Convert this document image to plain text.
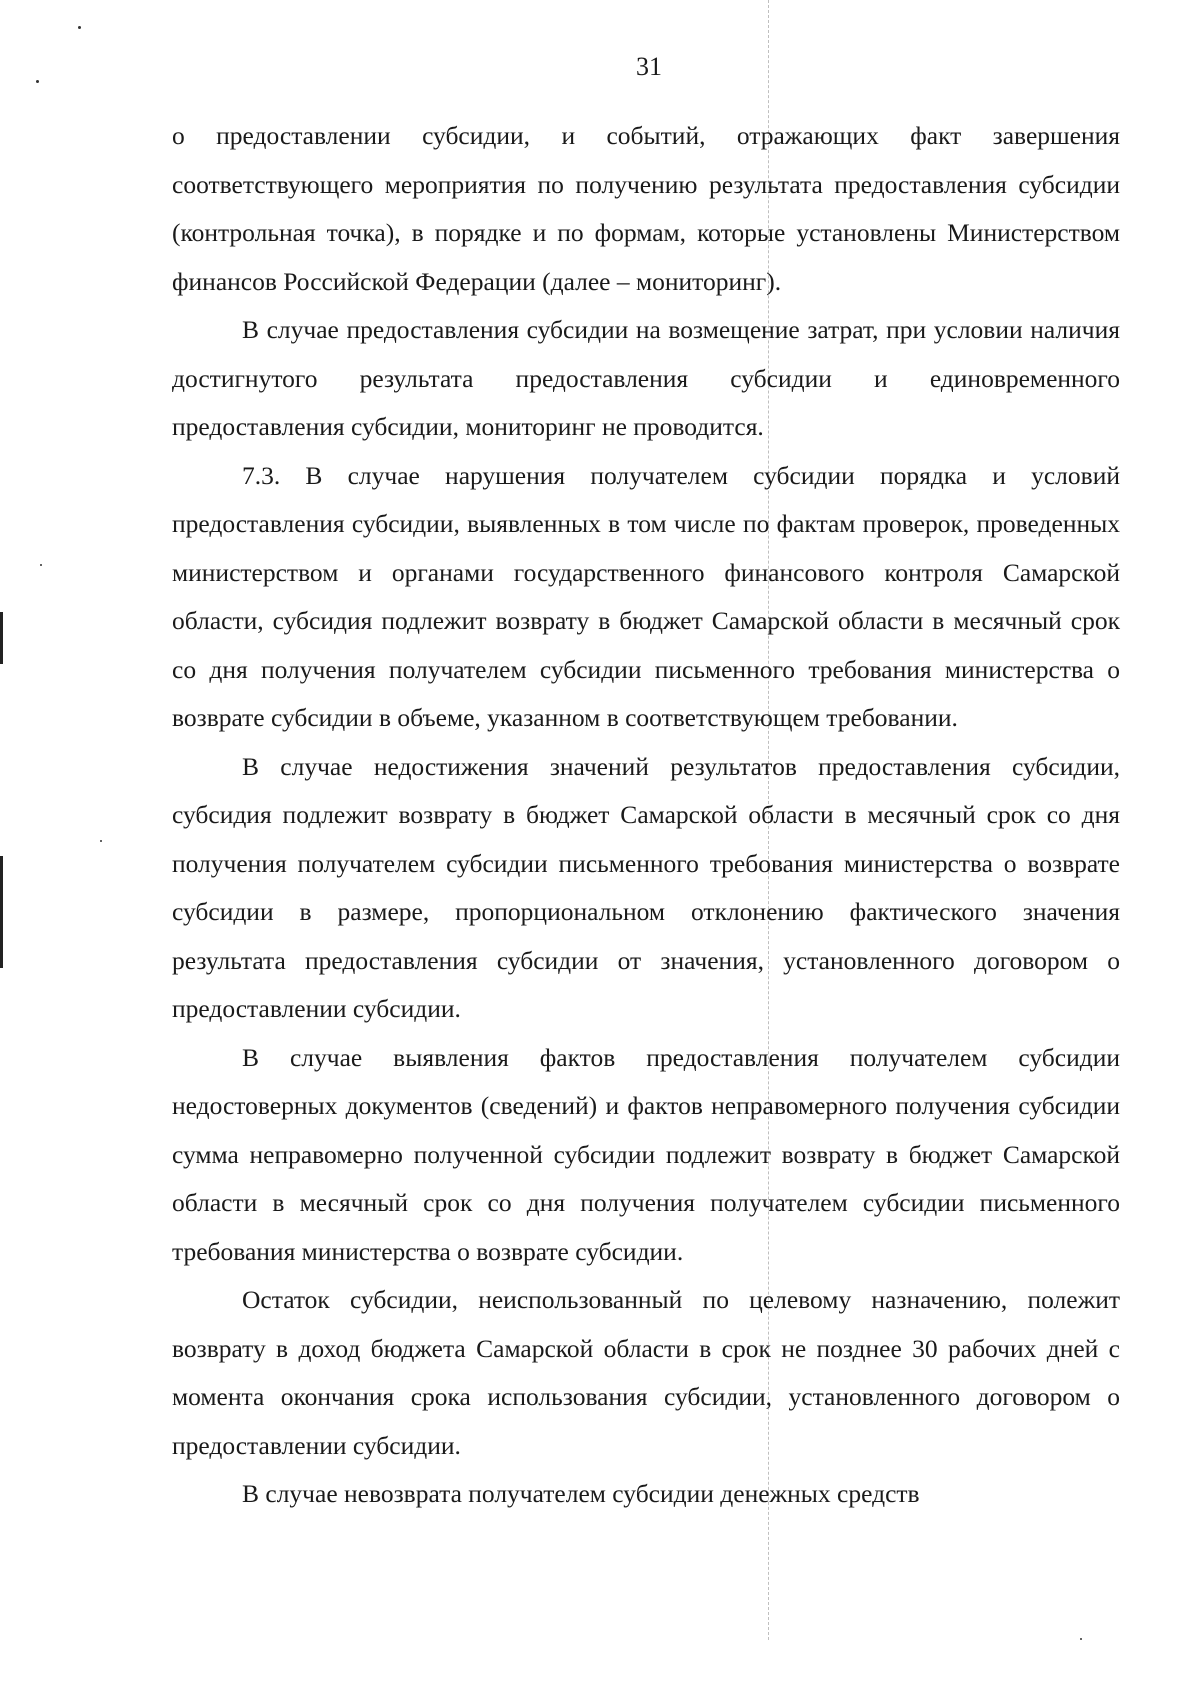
31

о предоставлении субсидии, и событий, отражающих факт завершения соответствующего мероприятия по получению результата предоставления субсидии (контрольная точка), в порядке и по формам, которые установлены Министерством финансов Российской Федерации (далее – мониторинг).

В случае предоставления субсидии на возмещение затрат, при условии наличия достигнутого результата предоставления субсидии и единовременного предоставления субсидии, мониторинг не проводится.

7.3. В случае нарушения получателем субсидии порядка и условий предоставления субсидии, выявленных в том числе по фактам проверок, проведенных министерством и органами государственного финансового контроля Самарской области, субсидия подлежит возврату в бюджет Самарской области в месячный срок со дня получения получателем субсидии письменного требования министерства о возврате субсидии в объеме, указанном в соответствующем требовании.

В случае недостижения значений результатов предоставления субсидии, субсидия подлежит возврату в бюджет Самарской области в месячный срок со дня получения получателем субсидии письменного требования министерства о возврате субсидии в размере, пропорциональном отклонению фактического значения результата предоставления субсидии от значения, установленного договором о предоставлении субсидии.

В случае выявления фактов предоставления получателем субсидии недостоверных документов (сведений) и фактов неправомерного получения субсидии сумма неправомерно полученной субсидии подлежит возврату в бюджет Самарской области в месячный срок со дня получения получателем субсидии письменного требования министерства о возврате субсидии.

Остаток субсидии, неиспользованный по целевому назначению, полежит возврату в доход бюджета Самарской области в срок не позднее 30 рабочих дней с момента окончания срока использования субсидии, установленного договором о предоставлении субсидии.

В случае невозврата получателем субсидии денежных средств
